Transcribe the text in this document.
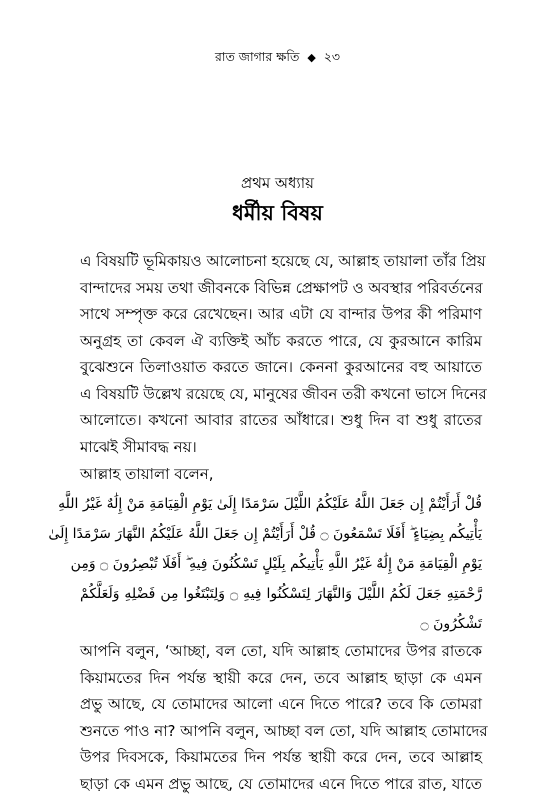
রাত জাগার ক্ষতি ◆ ২৩
প্রথম অধ্যায়
ধর্মীয় বিষয়
এ বিষয়টি ভূমিকায়ও আলোচনা হয়েছে যে, আল্লাহ তায়ালা তাঁর প্রিয়
বান্দাদের সময় তথা জীবনকে বিভিন্ন প্রেক্ষাপট ও অবস্থার পরিবর্তনের
সাথে সম্পৃক্ত করে রেখেছেন। আর এটা যে বান্দার উপর কী পরিমাণ
অনুগ্রহ তা কেবল ঐ ব্যক্তিই আঁচ করতে পারে, যে কুরআনে কারিম
বুঝেশুনে তিলাওয়াত করতে জানে। কেননা কুরআনের বহু আয়াতে
এ বিষয়টি উল্লেখ রয়েছে যে, মানুষের জীবন তরী কখনো ভাসে দিনের
আলোতে। কখনো আবার রাতের আঁধারে। শুধু দিন বা শুধু রাতের
মাঝেই সীমাবদ্ধ নয়।
আল্লাহ তায়ালা বলেন,
قُلْ أَرَأَيْتُمْ إِن جَعَلَ اللَّهُ عَلَيْكُمُ اللَّيْلَ سَرْمَدًا إِلَىٰ يَوْمِ الْقِيَامَةِ مَنْ إِلَٰهٌ غَيْرُ اللَّهِ
يَأْتِيكُم بِضِيَاءٍ ۖ أَفَلَا تَسْمَعُونَ ۝ قُلْ أَرَأَيْتُمْ إِن جَعَلَ اللَّهُ عَلَيْكُمُ النَّهَارَ سَرْمَدًا إِلَىٰ
يَوْمِ الْقِيَامَةِ مَنْ إِلَٰهٌ غَيْرُ اللَّهِ يَأْتِيكُم بِلَيْلٍ تَسْكُنُونَ فِيهِ ۖ أَفَلَا تُبْصِرُونَ ۝ وَمِن
رَّحْمَتِهِ جَعَلَ لَكُمُ اللَّيْلَ وَالنَّهَارَ لِتَسْكُنُوا فِيهِ ۝ وَلِتَبْتَغُوا مِن فَضْلِهِ وَلَعَلَّكُمْ
تَشْكُرُونَ ۝
আপনি বলুন, ‘আচ্ছা, বল তো, যদি আল্লাহ তোমাদের উপর রাতকে
কিয়ামতের দিন পর্যন্ত স্থায়ী করে দেন, তবে আল্লাহ ছাড়া কে এমন
প্রভু আছে, যে তোমাদের আলো এনে দিতে পারে? তবে কি তোমরা
শুনতে পাও না? আপনি বলুন, আচ্ছা বল তো, যদি আল্লাহ তোমাদের
উপর দিবসকে, কিয়ামতের দিন পর্যন্ত স্থায়ী করে দেন, তবে আল্লাহ
ছাড়া কে এমন প্রভু আছে, যে তোমাদের এনে দিতে পারে রাত, যাতে
